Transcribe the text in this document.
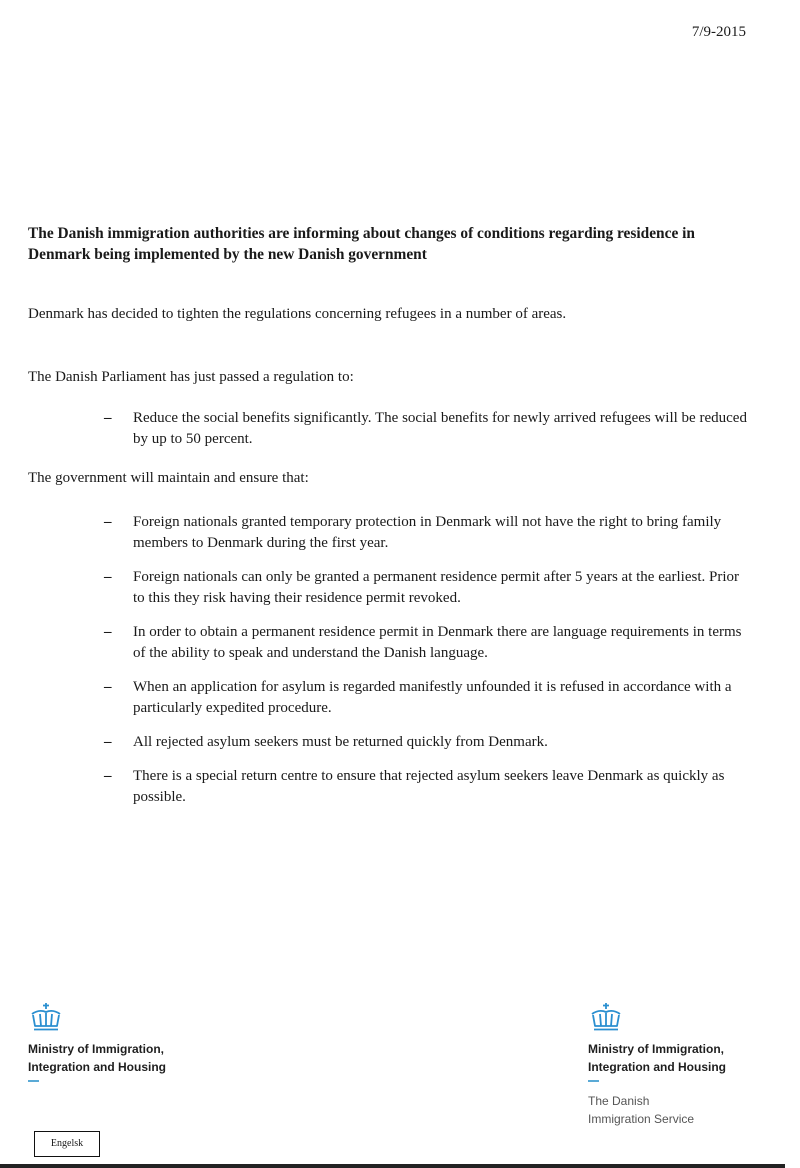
7/9-2015
The Danish immigration authorities are informing about changes of conditions regarding residence in Denmark being implemented by the new Danish government
Denmark has decided to tighten the regulations concerning refugees in a number of areas.
The Danish Parliament has just passed a regulation to:
– Reduce the social benefits significantly. The social benefits for newly arrived refugees will be reduced by up to 50 percent.
The government will maintain and ensure that:
– Foreign nationals granted temporary protection in Denmark will not have the right to bring family members to Denmark during the first year.
– Foreign nationals can only be granted a permanent residence permit after 5 years at the earliest. Prior to this they risk having their residence permit revoked.
– In order to obtain a permanent residence permit in Denmark there are language requirements in terms of the ability to speak and understand the Danish language.
– When an application for asylum is regarded manifestly unfounded it is refused in accordance with a particularly expedited procedure.
– All rejected asylum seekers must be returned quickly from Denmark.
– There is a special return centre to ensure that rejected asylum seekers leave Denmark as quickly as possible.
Ministry of Immigration,
Integration and Housing
Ministry of Immigration,
Integration and Housing
The Danish
Immigration Service
Engelsk
